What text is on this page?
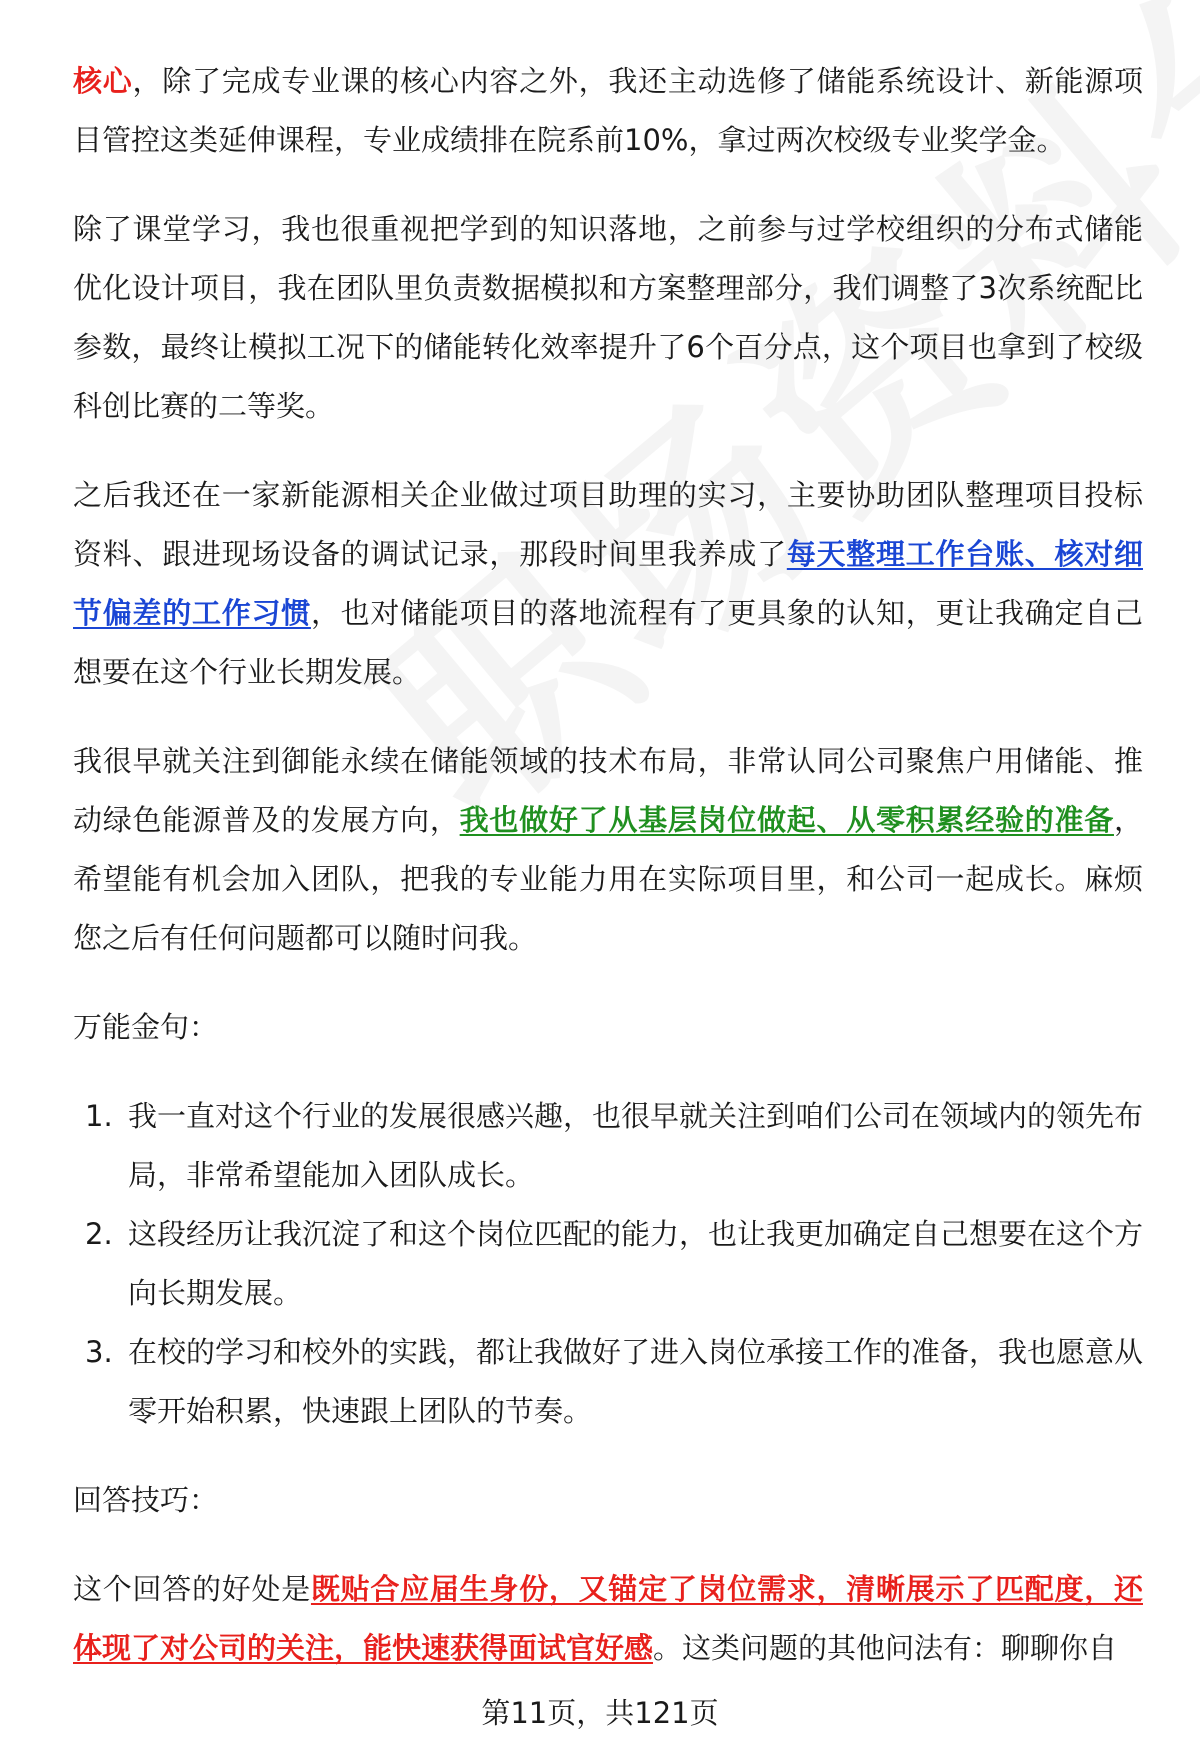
核心，除了完成专业课的核心内容之外，我还主动选修了储能系统设计、新能源项目管控这类延伸课程，专业成绩排在院系前10%，拿过两次校级专业奖学金。

除了课堂学习，我也很重视把学到的知识落地，之前参与过学校组织的分布式储能优化设计项目，我在团队里负责数据模拟和方案整理部分，我们调整了3次系统配比参数，最终让模拟工况下的储能转化效率提升了6个百分点，这个项目也拿到了校级科创比赛的二等奖。

之后我还在一家新能源相关企业做过项目助理的实习，主要协助团队整理项目投标资料、跟进现场设备的调试记录，那段时间里我养成了每天整理工作台账、核对细节偏差的工作习惯，也对储能项目的落地流程有了更具象的认知，更让我确定自己想要在这个行业长期发展。

我很早就关注到御能永续在储能领域的技术布局，非常认同公司聚焦户用储能、推动绿色能源普及的发展方向，我也做好了从基层岗位做起、从零积累经验的准备，希望能有机会加入团队，把我的专业能力用在实际项目里，和公司一起成长。麻烦您之后有任何问题都可以随时问我。

万能金句：

1. 我一直对这个行业的发展很感兴趣，也很早就关注到咱们公司在领域内的领先布局，非常希望能加入团队成长。
2. 这段经历让我沉淀了和这个岗位匹配的能力，也让我更加确定自己想要在这个方向长期发展。
3. 在校的学习和校外的实践，都让我做好了进入岗位承接工作的准备，我也愿意从零开始积累，快速跟上团队的节奏。

回答技巧：

这个回答的好处是既贴合应届生身份，又锚定了岗位需求，清晰展示了匹配度，还体现了对公司的关注，能快速获得面试官好感。这类问题的其他问法有：聊聊你自

第11页，共121页
